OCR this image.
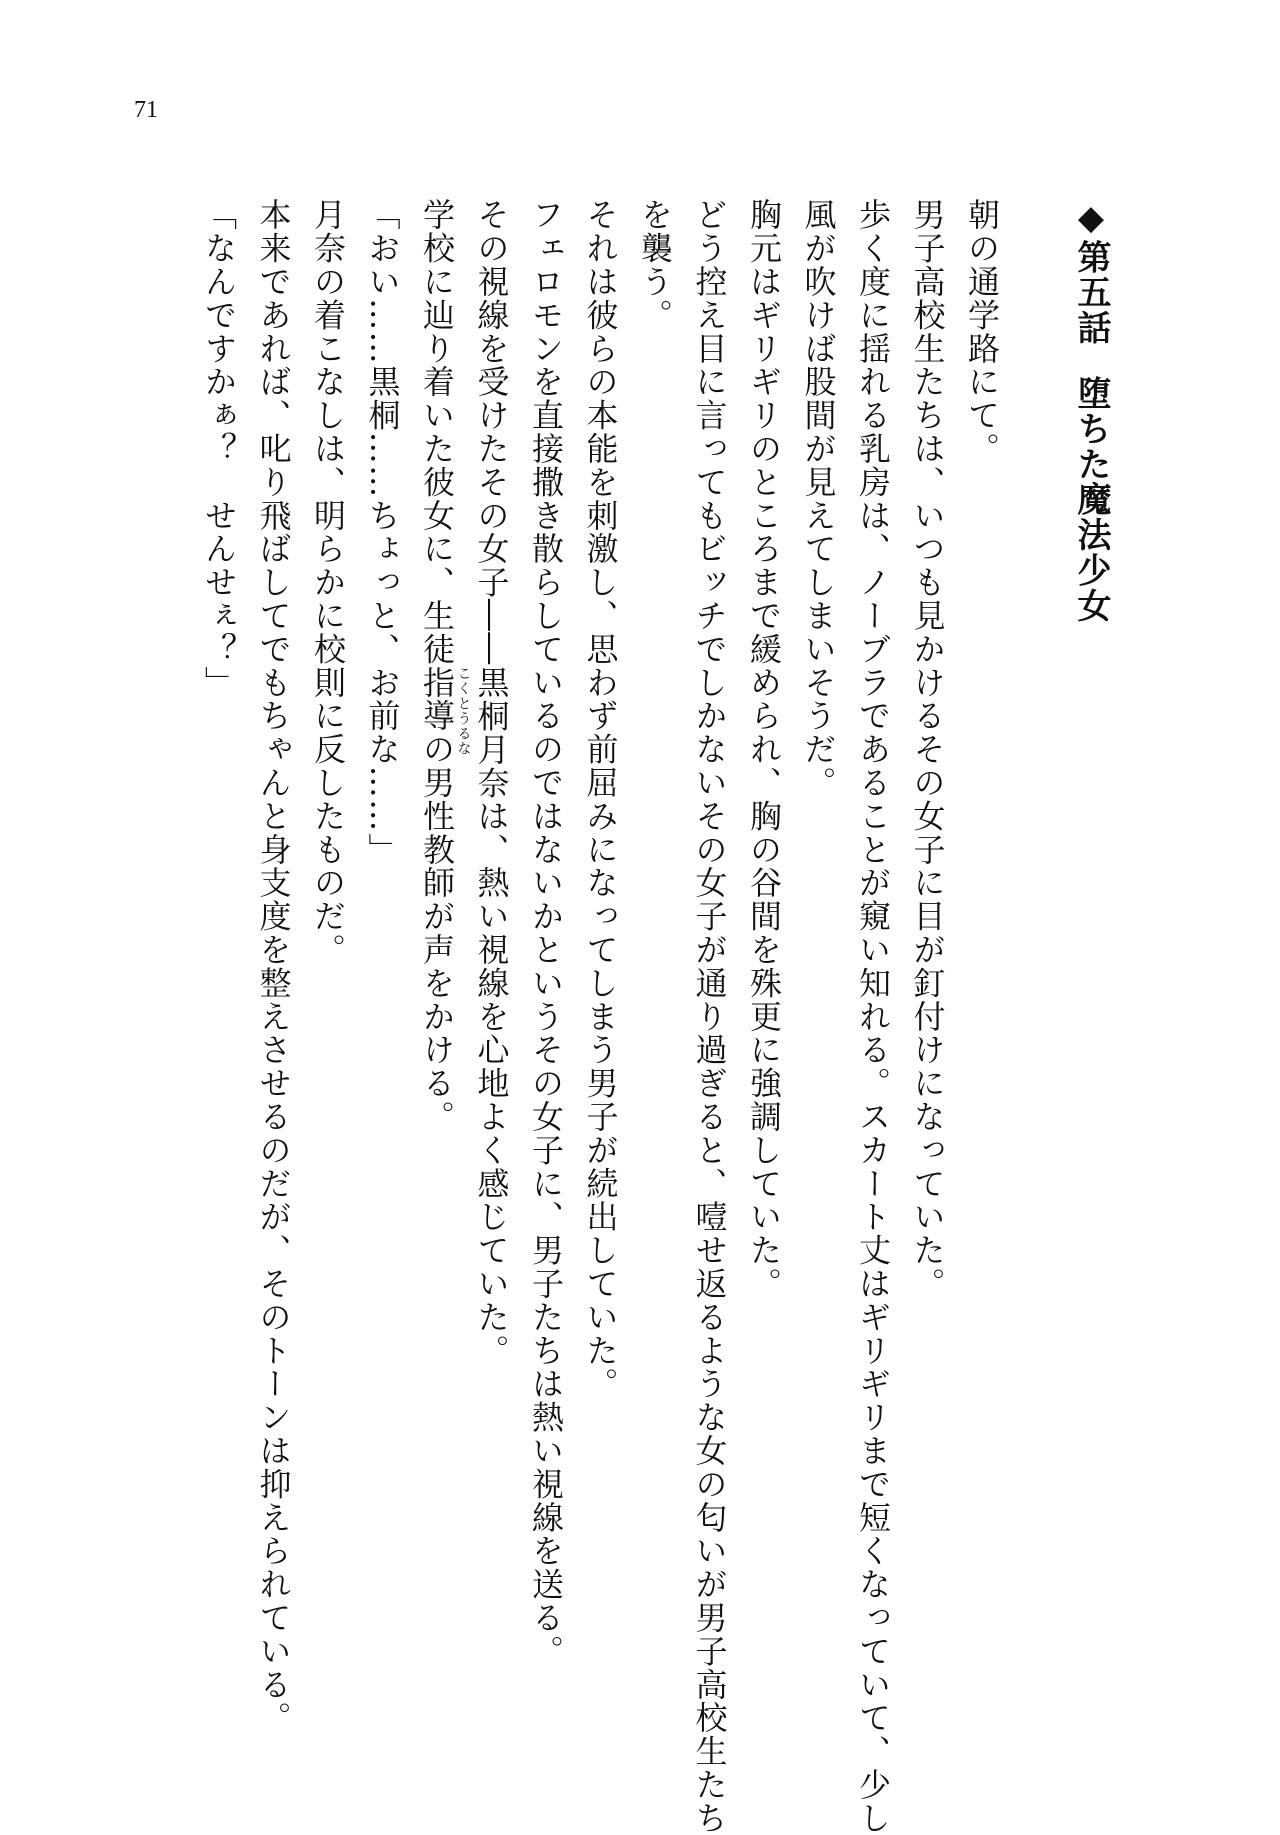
71

◆第五話堕ちた魔法少女

朝の通学路にて。

男子高校生たちは、いつも見かけるその女子に目が釘付けになっていた。

歩く度に揺れる乳房は、ノーブラであることが窺い知れる。スカート丈はギリギリまで短くなっていて、少し

風が吹けば股間が見えてしまいそうだ。

胸元はギリギリのところまで緩められ、胸の谷間を殊更に強調していた。

どう控え目に言ってもビッチでしかないその女子が通り過ぎると、噎せ返るような女の匂いが男子高校生たち

を襲う。

それは彼らの本能を刺激し、思わず前屈みになってしまう男子が続出していた。

フェロモンを直接撒き散らしているのではないかというその女子に、男子たちは熱い視線を送る。

その視線を受けたその女子――黒桐月奈
こくとうるな
は、熱い視線を心地よく感じていた。

学校に辿り着いた彼女に、生徒指導の男性教師が声をかける。

「おい……黒桐……ちょっと、お前な……」

月奈の着こなしは、明らかに校則に反したものだ。

本来であれば、叱り飛ばしてでもちゃんと身支度を整えさせるのだが、そのトーンは抑えられている。

「なんですかぁ？　せんせぇ？」
